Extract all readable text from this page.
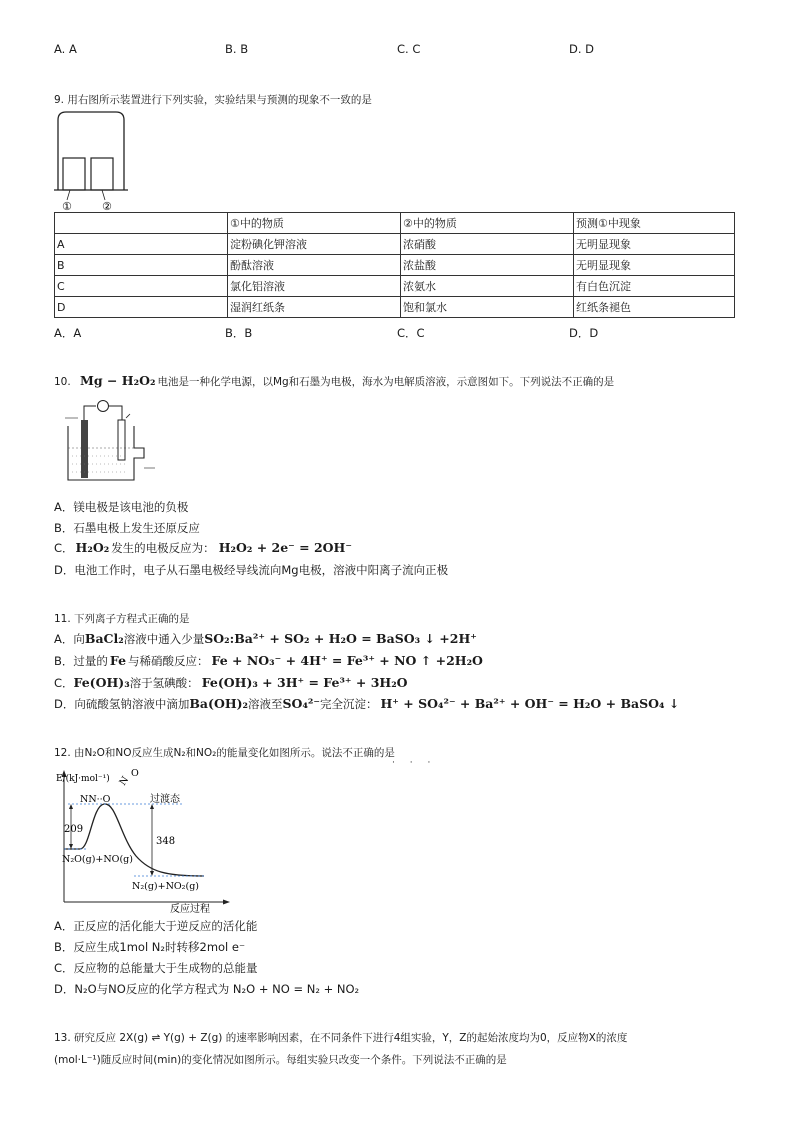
A. A	B. B	C. C	D. D
9. 用右图所示装置进行下列实验，实验结果与预测的现象不一致的是
①	②
	①中的物质	②中的物质	预测①中现象
A	淀粉碘化钾溶液	浓硝酸	无明显现象
B	酚酞溶液	浓盐酸	无明显现象
C	氯化铝溶液	浓氨水	有白色沉淀
D	湿润红纸条	饱和氯水	红纸条褪色
A．A	B．B	C．C	D．D
10. Mg − H₂O₂ 电池是一种化学电源，以Mg和石墨为电极，海水为电解质溶液，示意图如下。下列说法不正确的是
A．镁电极是该电池的负极
B．石墨电极上发生还原反应
C． H₂O₂ 发生的电极反应为： H₂O₂ + 2e⁻ = 2OH⁻
D．电池工作时，电子从石墨电极经导线流向Mg电极，溶液中阳离子流向正极
11. 下列离子方程式正确的是
A．向BaCl₂溶液中通入少量SO₂:Ba²⁺ + SO₂ + H₂O = BaSO₃ ↓ +2H⁺
B．过量的 Fe 与稀硝酸反应： Fe + NO₃⁻ + 4H⁺ = Fe³⁺ + NO ↑ +2H₂O
C．Fe(OH)₃溶于氢碘酸： Fe(OH)₃ + 3H⁺ = Fe³⁺ + 3H₂O
D．向硫酸氢钠溶液中滴加Ba(OH)₂溶液至SO₄²⁻完全沉淀： H⁺ + SO₄²⁻ + Ba²⁺ + OH⁻ = H₂O + BaSO₄ ↓
12. 由N₂O和NO反应生成N₂和NO₂的能量变化如图所示。说法不正确的是
· · ·
E/(kJ·mol⁻¹)
反应过程
209
348
过渡态
NN··O
N
O
N₂O(g)+NO(g)
N₂(g)+NO₂(g)
A．正反应的活化能大于逆反应的活化能
B．反应生成1mol N₂时转移2mol e⁻
C．反应物的总能量大于生成物的总能量
D．N₂O与NO反应的化学方程式为 N₂O + NO = N₂ + NO₂
13. 研究反应 2X(g) ⇌ Y(g) + Z(g) 的速率影响因素，在不同条件下进行4组实验，Y，Z的起始浓度均为0，反应物X的浓度
(mol·L⁻¹)随反应时间(min)的变化情况如图所示。每组实验只改变一个条件。下列说法不正确的是
